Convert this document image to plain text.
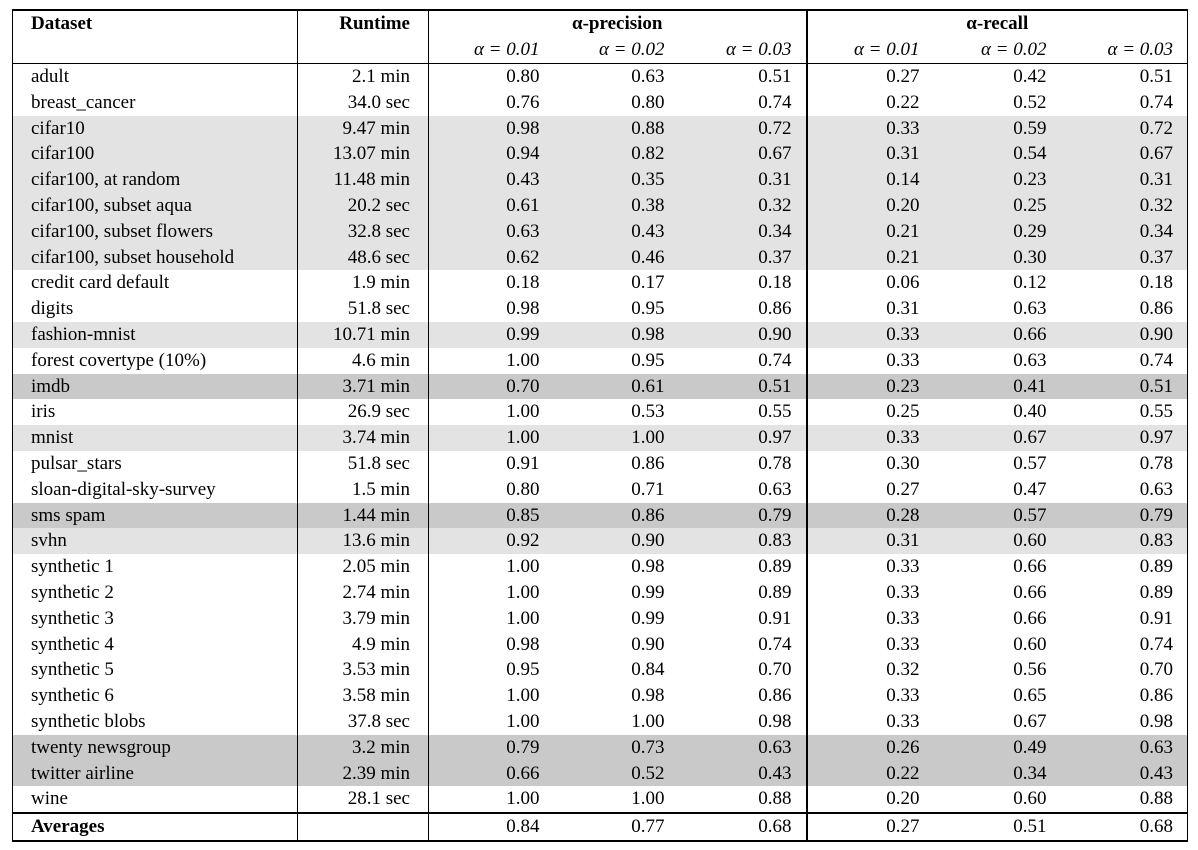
Dataset	Runtime	α-precision			α-recall		
		α = 0.01	α = 0.02	α = 0.03	α = 0.01	α = 0.02	α = 0.03
adult	2.1 min	0.80	0.63	0.51	0.27	0.42	0.51
breast_cancer	34.0 sec	0.76	0.80	0.74	0.22	0.52	0.74
cifar10	9.47 min	0.98	0.88	0.72	0.33	0.59	0.72
cifar100	13.07 min	0.94	0.82	0.67	0.31	0.54	0.67
cifar100, at random	11.48 min	0.43	0.35	0.31	0.14	0.23	0.31
cifar100, subset aqua	20.2 sec	0.61	0.38	0.32	0.20	0.25	0.32
cifar100, subset flowers	32.8 sec	0.63	0.43	0.34	0.21	0.29	0.34
cifar100, subset household	48.6 sec	0.62	0.46	0.37	0.21	0.30	0.37
credit card default	1.9 min	0.18	0.17	0.18	0.06	0.12	0.18
digits	51.8 sec	0.98	0.95	0.86	0.31	0.63	0.86
fashion-mnist	10.71 min	0.99	0.98	0.90	0.33	0.66	0.90
forest covertype (10%)	4.6 min	1.00	0.95	0.74	0.33	0.63	0.74
imdb	3.71 min	0.70	0.61	0.51	0.23	0.41	0.51
iris	26.9 sec	1.00	0.53	0.55	0.25	0.40	0.55
mnist	3.74 min	1.00	1.00	0.97	0.33	0.67	0.97
pulsar_stars	51.8 sec	0.91	0.86	0.78	0.30	0.57	0.78
sloan-digital-sky-survey	1.5 min	0.80	0.71	0.63	0.27	0.47	0.63
sms spam	1.44 min	0.85	0.86	0.79	0.28	0.57	0.79
svhn	13.6 min	0.92	0.90	0.83	0.31	0.60	0.83
synthetic 1	2.05 min	1.00	0.98	0.89	0.33	0.66	0.89
synthetic 2	2.74 min	1.00	0.99	0.89	0.33	0.66	0.89
synthetic 3	3.79 min	1.00	0.99	0.91	0.33	0.66	0.91
synthetic 4	4.9 min	0.98	0.90	0.74	0.33	0.60	0.74
synthetic 5	3.53 min	0.95	0.84	0.70	0.32	0.56	0.70
synthetic 6	3.58 min	1.00	0.98	0.86	0.33	0.65	0.86
synthetic blobs	37.8 sec	1.00	1.00	0.98	0.33	0.67	0.98
twenty newsgroup	3.2 min	0.79	0.73	0.63	0.26	0.49	0.63
twitter airline	2.39 min	0.66	0.52	0.43	0.22	0.34	0.43
wine	28.1 sec	1.00	1.00	0.88	0.20	0.60	0.88
Averages		0.84	0.77	0.68	0.27	0.51	0.68
